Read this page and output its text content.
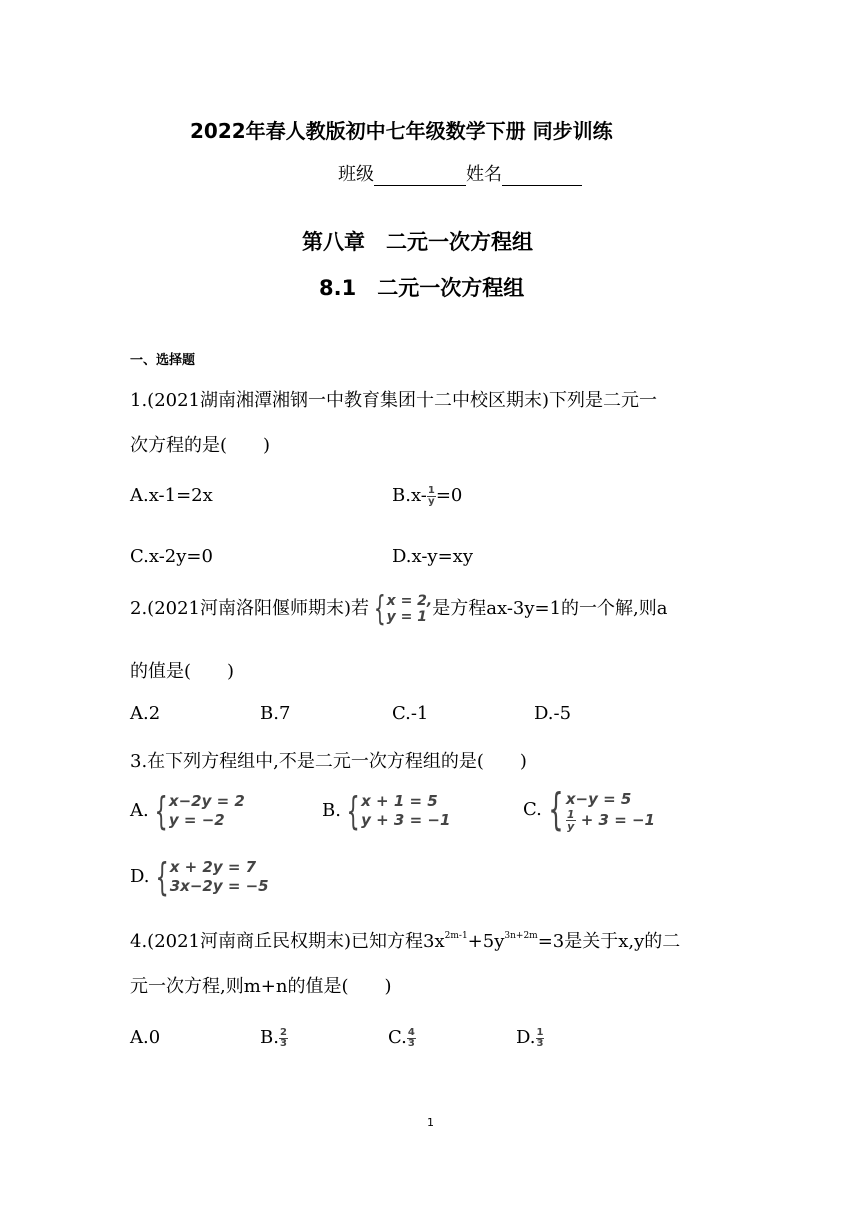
2022年春人教版初中七年级数学下册 同步训练
班级	姓名
第八章　二元一次方程组
8.1　二元一次方程组
一、选择题
1.(2021湖南湘潭湘钢一中教育集团十二中校区期末)下列是二元一
次方程的是(　　)
A.x-1=2x	$B.x- \frac{1}{y} =0$
C.x-2y=0	D.x-y=xy
2.(2021河南洛阳偃师期末)若 { x = 2,
y = 1 是方程ax-3y=1的一个解,则a
的值是(　　)
A.2	B.7	C.-1	D.-5
3.在下列方程组中,不是二元一次方程组的是(　　)
A. { x−2y = 2
y = −2	B. { x + 1 = 5
y + 3 = −1	C. { x−y = 5
$\frac{1}{y} + 3 = -1$
D. { x + 2y = 7
3x−2y = −5
4.(2021河南商丘民权期末)已知方程$3x^{2m-1}+5y^{3n+2m}=3$是关于x,y的二
元一次方程,则m+n的值是(　　)
A.0	B. $\frac{2}{3}$	C. $\frac{4}{3}$	D. $\frac{1}{3}$
1
